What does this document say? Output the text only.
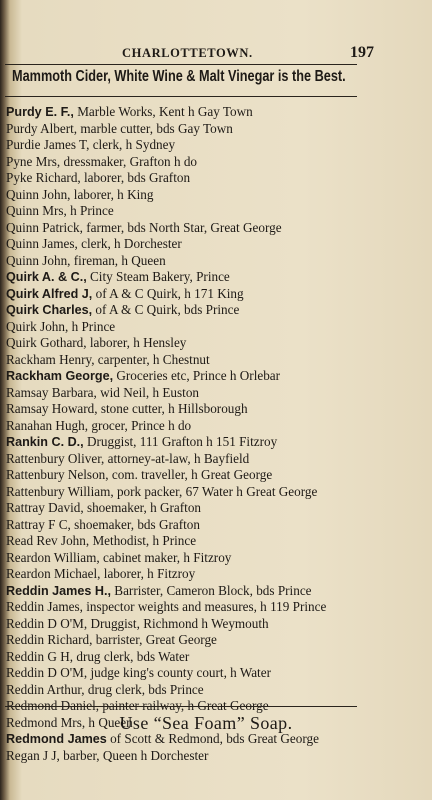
CHARLOTTETOWN.	197
Mammoth Cider, White Wine & Malt Vinegar is the Best.
Purdy E. F., Marble Works, Kent h Gay Town
Purdy Albert, marble cutter, bds Gay Town
Purdie James T, clerk, h Sydney
Pyne Mrs, dressmaker, Grafton h do
Pyke Richard, laborer, bds Grafton
Quinn John, laborer, h King
Quinn Mrs, h Prince
Quinn Patrick, farmer, bds North Star, Great George
Quinn James, clerk, h Dorchester
Quinn John, fireman, h Queen
Quirk A. & C., City Steam Bakery, Prince
Quirk Alfred J, of A & C Quirk, h 171 King
Quirk Charles, of A & C Quirk, bds Prince
Quirk John, h Prince
Quirk Gothard, laborer, h Hensley
Rackham Henry, carpenter, h Chestnut
Rackham George, Groceries etc, Prince h Orlebar
Ramsay Barbara, wid Neil, h Euston
Ramsay Howard, stone cutter, h Hillsborough
Ranahan Hugh, grocer, Prince h do
Rankin C. D., Druggist, 111 Grafton h 151 Fitzroy
Rattenbury Oliver, attorney-at-law, h Bayfield
Rattenbury Nelson, com. traveller, h Great George
Rattenbury William, pork packer, 67 Water h Great George
Rattray David, shoemaker, h Grafton
Rattray F C, shoemaker, bds Grafton
Read Rev John, Methodist, h Prince
Reardon William, cabinet maker, h Fitzroy
Reardon Michael, laborer, h Fitzroy
Reddin James H., Barrister, Cameron Block, bds Prince
Reddin James, inspector weights and measures, h 119 Prince
Reddin D O'M, Druggist, Richmond h Weymouth
Reddin Richard, barrister, Great George
Reddin G H, drug clerk, bds Water
Reddin D O'M, judge king's county court, h Water
Reddin Arthur, drug clerk, bds Prince
Redmond Daniel, painter railway, h Great George
Redmond Mrs, h Queen
Redmond James of Scott & Redmond, bds Great George
Regan J J, barber, Queen h Dorchester
Use “Sea Foam” Soap.
